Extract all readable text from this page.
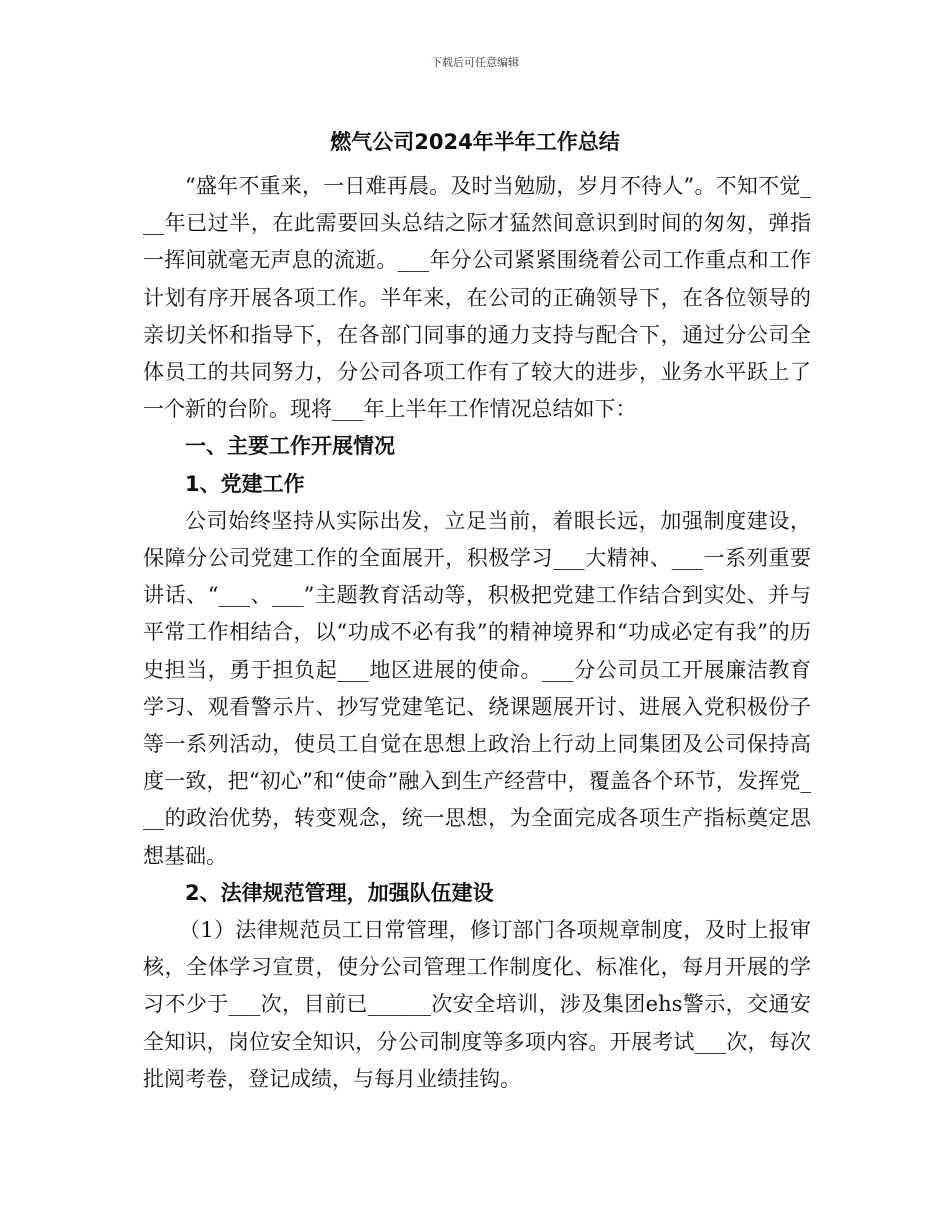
下载后可任意编辑
燃气公司2024年半年工作总结

“盛年不重来，一日难再晨。及时当勉励，岁月不待人”。不知不觉___年已过半，在此需要回头总结之际才猛然间意识到时间的匆匆，弹指一挥间就毫无声息的流逝。___年分公司紧紧围绕着公司工作重点和工作计划有序开展各项工作。半年来，在公司的正确领导下，在各位领导的亲切关怀和指导下，在各部门同事的通力支持与配合下，通过分公司全体员工的共同努力，分公司各项工作有了较大的进步，业务水平跃上了一个新的台阶。现将___年上半年工作情况总结如下：

一、主要工作开展情况

1、党建工作

公司始终坚持从实际出发，立足当前，着眼长远，加强制度建设，保障分公司党建工作的全面展开，积极学习___大精神、___一系列重要讲话、“___、___”主题教育活动等，积极把党建工作结合到实处、并与平常工作相结合，以“功成不必有我”的精神境界和“功成必定有我”的历史担当，勇于担负起___地区进展的使命。___分公司员工开展廉洁教育学习、观看警示片、抄写党建笔记、绕课题展开讨、进展入党积极份子等一系列活动，使员工自觉在思想上政治上行动上同集团及公司保持高度一致，把“初心”和“使命”融入到生产经营中，覆盖各个环节，发挥党___的政治优势，转变观念，统一思想，为全面完成各项生产指标奠定思想基础。

2、法律规范管理，加强队伍建设

（1）法律规范员工日常管理，修订部门各项规章制度，及时上报审核，全体学习宣贯，使分公司管理工作制度化、标准化，每月开展的学习不少于___次，目前已______次安全培训，涉及集团ehs警示，交通安全知识，岗位安全知识，分公司制度等多项内容。开展考试___次，每次批阅考卷，登记成绩，与每月业绩挂钩。
